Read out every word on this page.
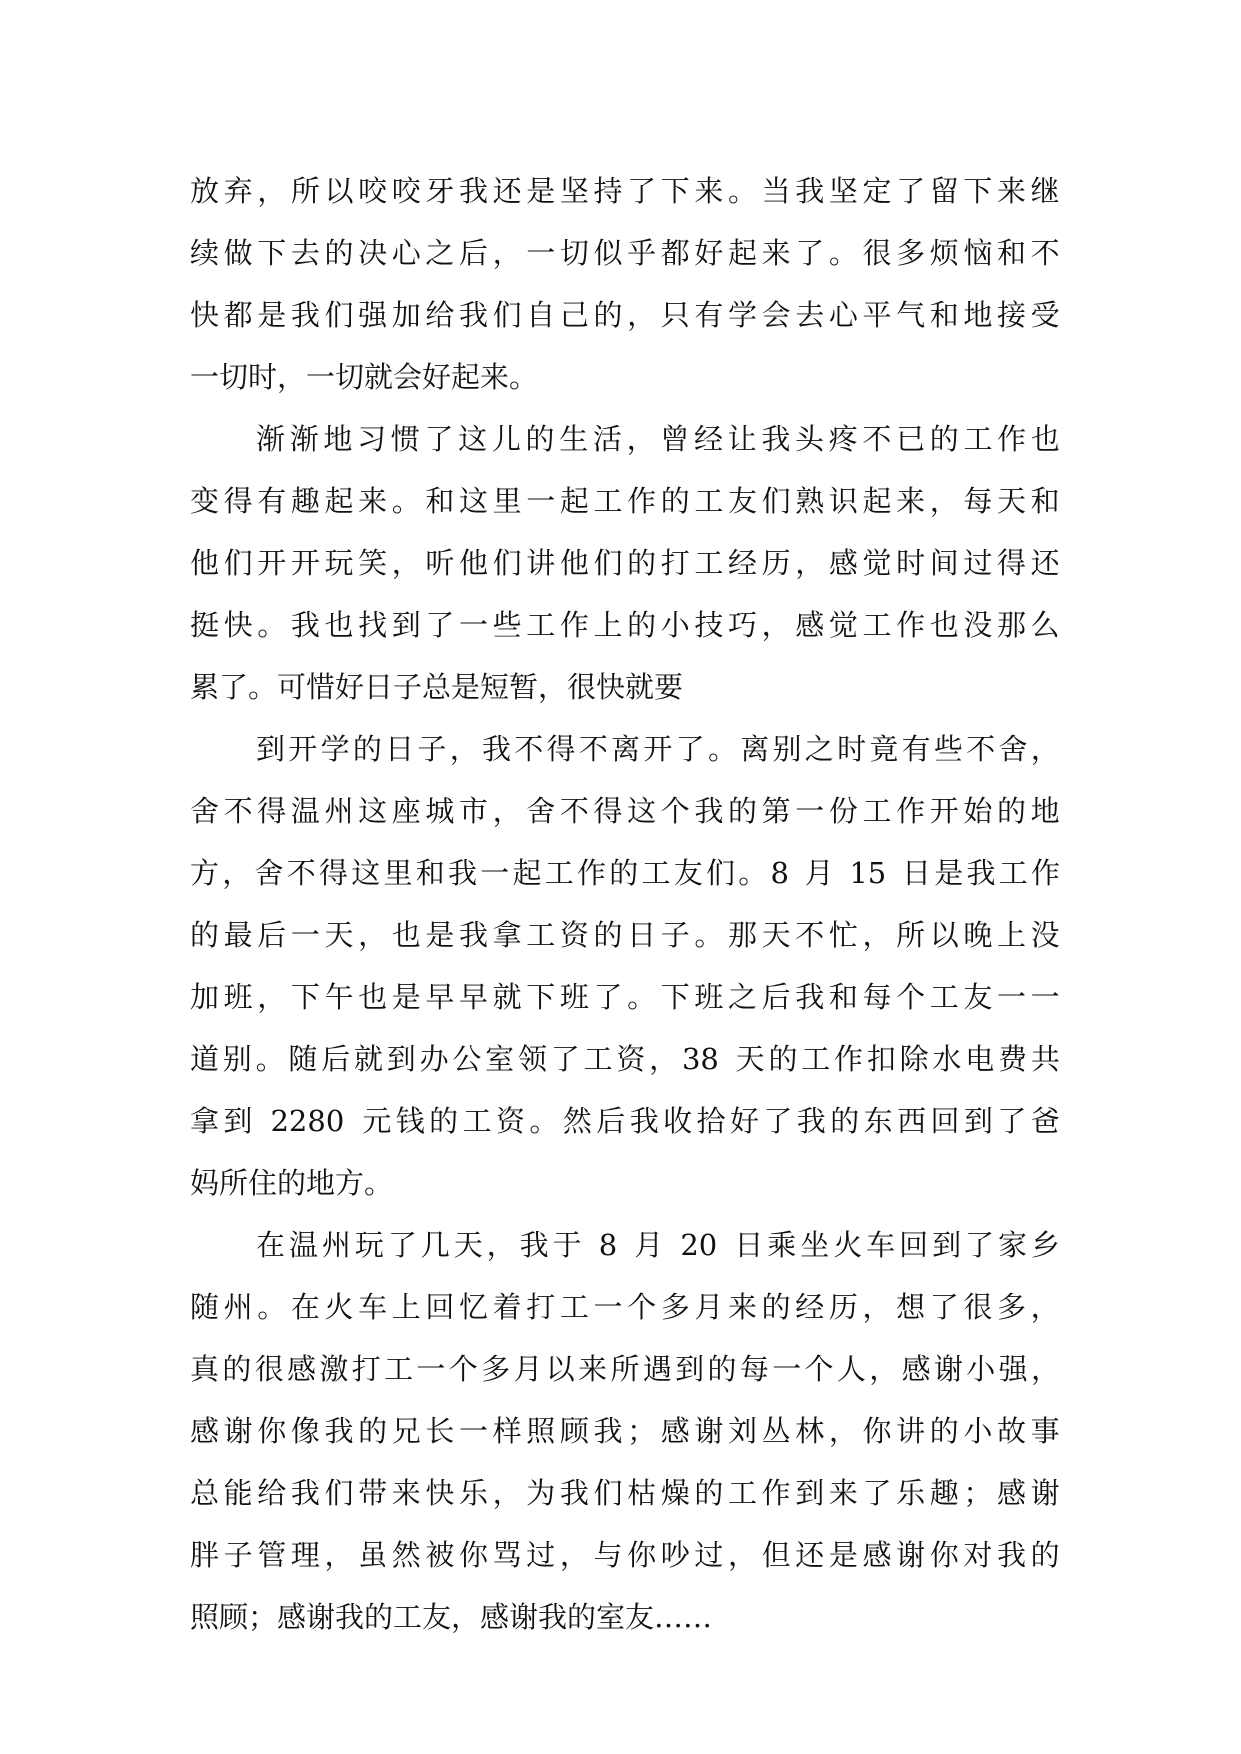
放 弃 ， 所 以 咬 咬 牙 我 还 是 坚 持 了 下 来 。 当 我 坚 定 了 留 下 来 继
续 做 下 去 的 决 心 之 后 ， 一 切 似 乎 都 好 起 来 了 。 很 多 烦 恼 和 不
快 都 是 我 们 强 加 给 我 们 自 己 的 ， 只 有 学 会 去 心 平 气 和 地 接 受
一切时，一切就会好起来。
渐 渐 地 习 惯 了 这 儿 的 生 活 ， 曾 经 让 我 头 疼 不 已 的 工 作 也
变 得 有 趣 起 来 。 和 这 里 一 起 工 作 的 工 友 们 熟 识 起 来 ， 每 天 和
他 们 开 开 玩 笑 ， 听 他 们 讲 他 们 的 打 工 经 历 ， 感 觉 时 间 过 得 还
挺 快 。 我 也 找 到 了 一 些 工 作 上 的 小 技 巧 ， 感 觉 工 作 也 没 那 么
累了。可惜好日子总是短暂，很快就要
到 开 学 的 日 子 ， 我 不 得 不 离 开 了 。 离 别 之 时 竟 有 些 不 舍 ，
舍 不 得 温 州 这 座 城 市 ， 舍 不 得 这 个 我 的 第 一 份 工 作 开 始 的 地
方 ， 舍 不 得 这 里 和 我 一 起 工 作 的 工 友 们 。 8
月
15
日 是 我 工 作
的 最 后 一 天 ， 也 是 我 拿 工 资 的 日 子 。 那 天 不 忙 ， 所 以 晚 上 没
加 班 ， 下 午 也 是 早 早 就 下 班 了 。 下 班 之 后 我 和 每 个 工 友 一 一
道 别 。 随 后 就 到 办 公 室 领 了 工 资 ， 38
天 的 工 作 扣 除 水 电 费 共
拿 到
2280
元 钱 的 工 资 。 然 后 我 收 拾 好 了 我 的 东 西 回 到 了 爸
妈所住的地方。
在 温 州 玩 了 几 天 ， 我 于
8
月
20
日 乘 坐 火 车 回 到 了 家 乡
随 州 。 在 火 车 上 回 忆 着 打 工 一 个 多 月 来 的 经 历 ， 想 了 很 多 ，
真 的 很 感 激 打 工 一 个 多 月 以 来 所 遇 到 的 每 一 个 人 ， 感 谢 小 强 ，
感 谢 你 像 我 的 兄 长 一 样 照 顾 我 ； 感 谢 刘 丛 林 ， 你 讲 的 小 故 事
总 能 给 我 们 带 来 快 乐 ， 为 我 们 枯 燥 的 工 作 到 来 了 乐 趣 ； 感 谢
胖 子 管 理 ， 虽 然 被 你 骂 过 ， 与 你 吵 过 ， 但 还 是 感 谢 你 对 我 的
照顾；感谢我的工友，感谢我的室友……
